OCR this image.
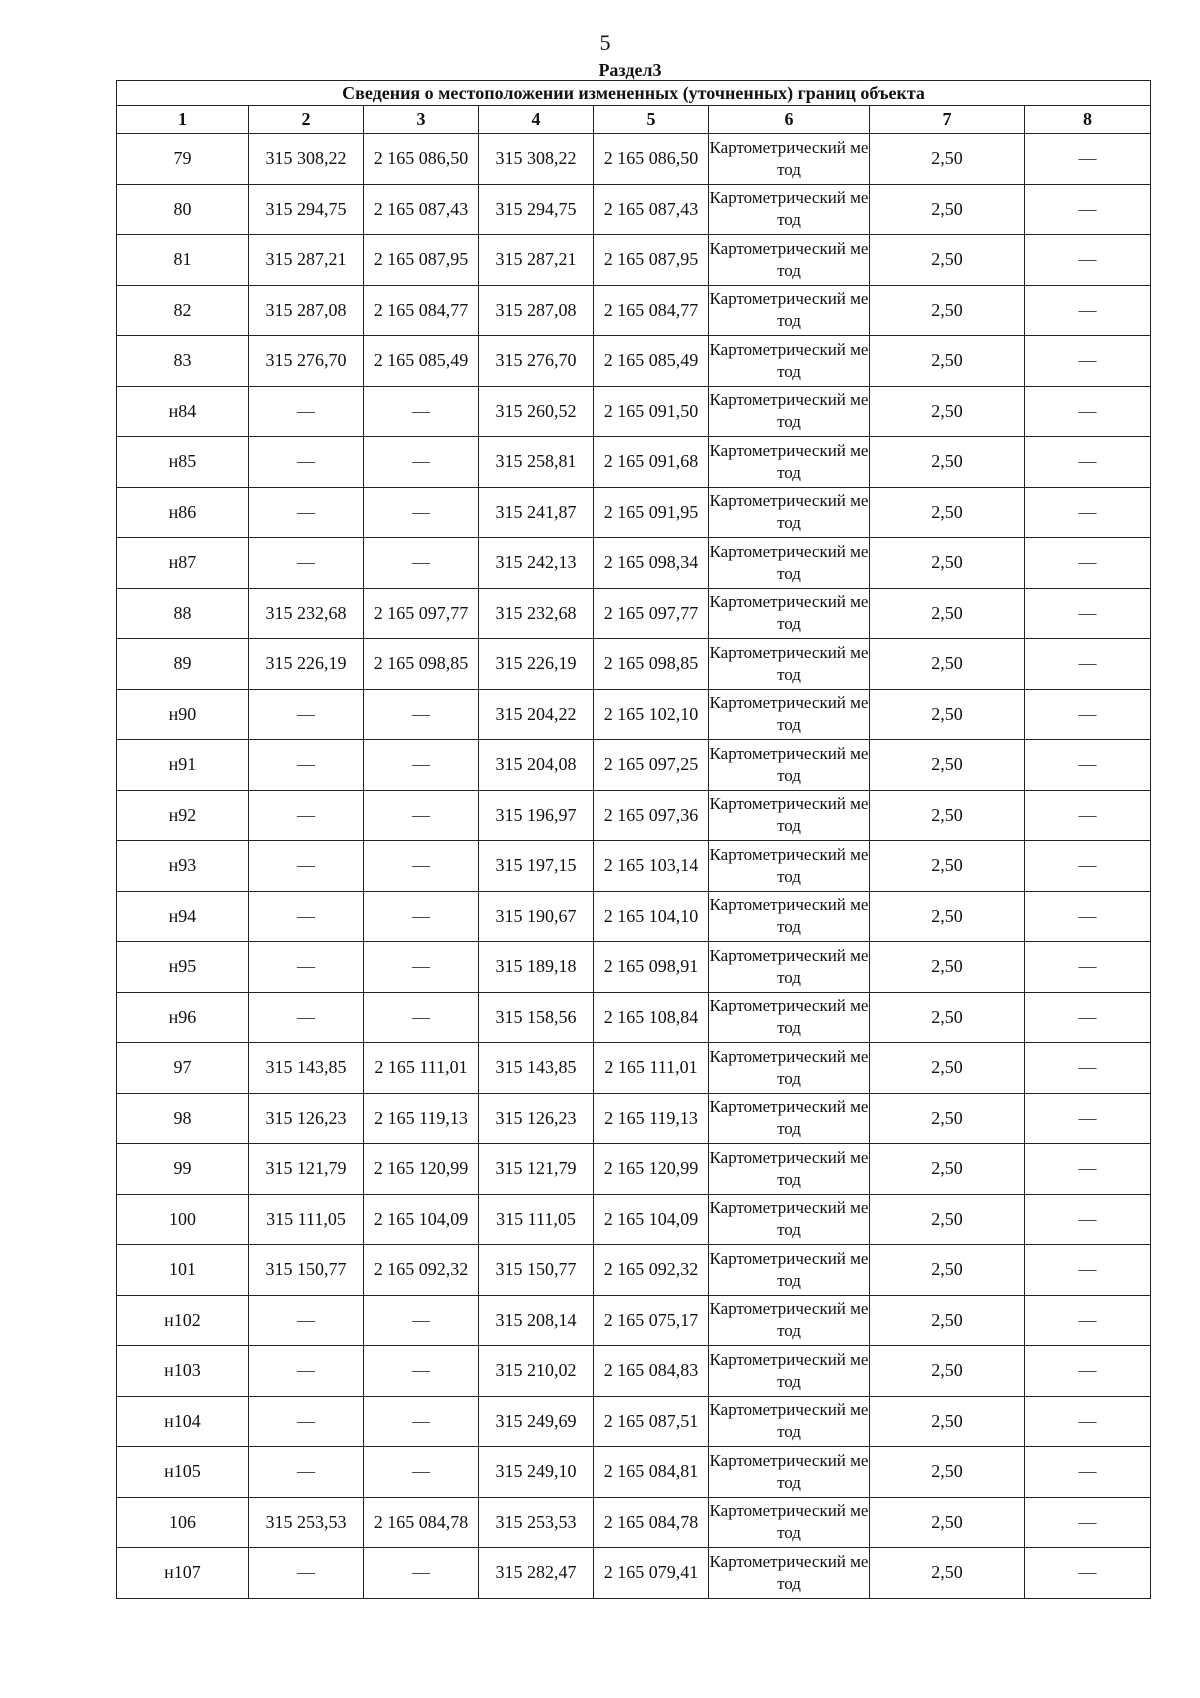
5
Раздел3
Сведения о местоположении измененных (уточненных) границ объекта							
1	2	3	4	5	6	7	8
79	315 308,22	2 165 086,50	315 308,22	2 165 086,50	Картометрический метод	2,50	—
80	315 294,75	2 165 087,43	315 294,75	2 165 087,43	Картометрический метод	2,50	—
81	315 287,21	2 165 087,95	315 287,21	2 165 087,95	Картометрический метод	2,50	—
82	315 287,08	2 165 084,77	315 287,08	2 165 084,77	Картометрический метод	2,50	—
83	315 276,70	2 165 085,49	315 276,70	2 165 085,49	Картометрический метод	2,50	—
н84	—	—	315 260,52	2 165 091,50	Картометрический метод	2,50	—
н85	—	—	315 258,81	2 165 091,68	Картометрический метод	2,50	—
н86	—	—	315 241,87	2 165 091,95	Картометрический метод	2,50	—
н87	—	—	315 242,13	2 165 098,34	Картометрический метод	2,50	—
88	315 232,68	2 165 097,77	315 232,68	2 165 097,77	Картометрический метод	2,50	—
89	315 226,19	2 165 098,85	315 226,19	2 165 098,85	Картометрический метод	2,50	—
н90	—	—	315 204,22	2 165 102,10	Картометрический метод	2,50	—
н91	—	—	315 204,08	2 165 097,25	Картометрический метод	2,50	—
н92	—	—	315 196,97	2 165 097,36	Картометрический метод	2,50	—
н93	—	—	315 197,15	2 165 103,14	Картометрический метод	2,50	—
н94	—	—	315 190,67	2 165 104,10	Картометрический метод	2,50	—
н95	—	—	315 189,18	2 165 098,91	Картометрический метод	2,50	—
н96	—	—	315 158,56	2 165 108,84	Картометрический метод	2,50	—
97	315 143,85	2 165 111,01	315 143,85	2 165 111,01	Картометрический метод	2,50	—
98	315 126,23	2 165 119,13	315 126,23	2 165 119,13	Картометрический метод	2,50	—
99	315 121,79	2 165 120,99	315 121,79	2 165 120,99	Картометрический метод	2,50	—
100	315 111,05	2 165 104,09	315 111,05	2 165 104,09	Картометрический метод	2,50	—
101	315 150,77	2 165 092,32	315 150,77	2 165 092,32	Картометрический метод	2,50	—
н102	—	—	315 208,14	2 165 075,17	Картометрический метод	2,50	—
н103	—	—	315 210,02	2 165 084,83	Картометрический метод	2,50	—
н104	—	—	315 249,69	2 165 087,51	Картометрический метод	2,50	—
н105	—	—	315 249,10	2 165 084,81	Картометрический метод	2,50	—
106	315 253,53	2 165 084,78	315 253,53	2 165 084,78	Картометрический метод	2,50	—
н107	—	—	315 282,47	2 165 079,41	Картометрический метод	2,50	—
